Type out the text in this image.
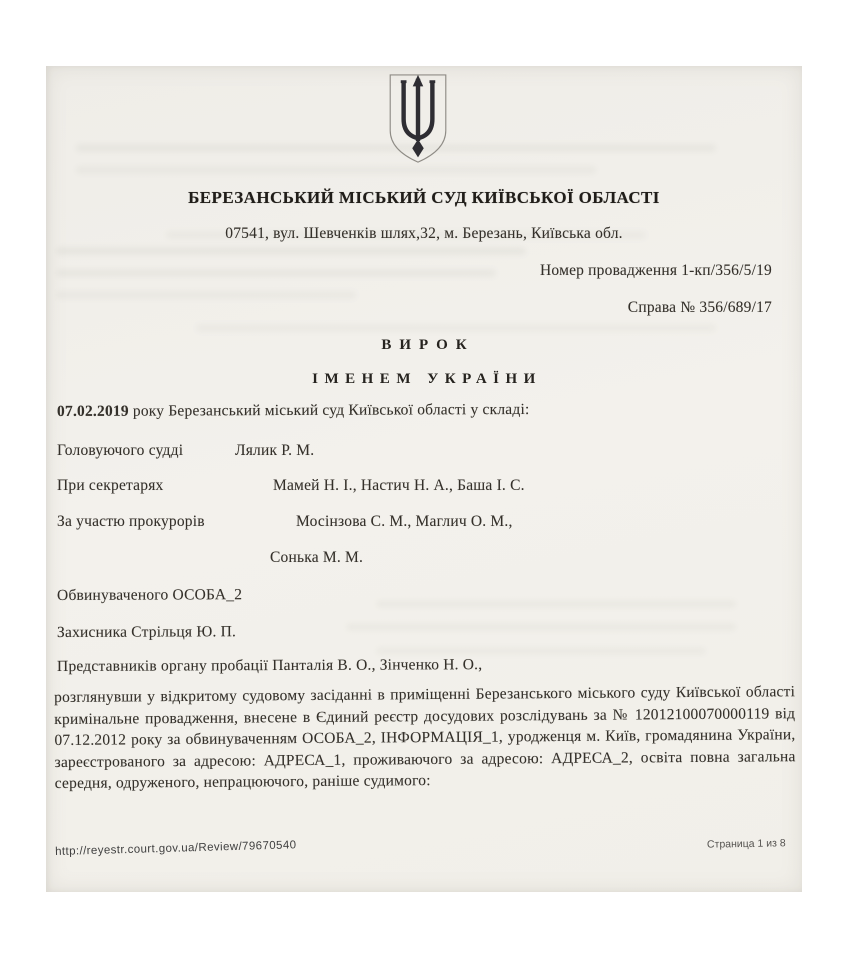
БЕРЕЗАНСЬКИЙ МІСЬКИЙ СУД КИЇВСЬКОЇ ОБЛАСТІ
07541, вул. Шевченків шлях,32, м. Березань, Київська обл.
Номер провадження 1-кп/356/5/19
Справа № 356/689/17
ВИРОК
ІМЕНЕМ УКРАЇНИ
07.02.2019 року Березанський міський суд Київської області у складі:
Головуючого судді	Лялик Р. М.
При секретарях	Мамей Н. І., Настич Н. А., Баша І. С.
За участю прокурорів	Мосінзова С. М., Маглич О. М.,
Сонька М. М.
Обвинуваченого ОСОБА_2
Захисника Стрільця Ю. П.
Представників органу пробації Панталія В. О., Зінченко Н. О.,
розглянувши у відкритому судовому засіданні в приміщенні Березанського міського суду Київської області кримінальне провадження, внесене в Єдиний реєстр досудових розслідувань за № 12012100070000119 від 07.12.2012 року за обвинуваченням ОСОБА_2, ІНФОРМАЦІЯ_1, уродженця м. Київ, громадянина України, зареєстрованого за адресою: АДРЕСА_1, проживаючого за адресою: АДРЕСА_2, освіта повна загальна середня, одруженого, непрацюючого, раніше судимого:
http://reyestr.court.gov.ua/Review/79670540	Страница 1 из 8
